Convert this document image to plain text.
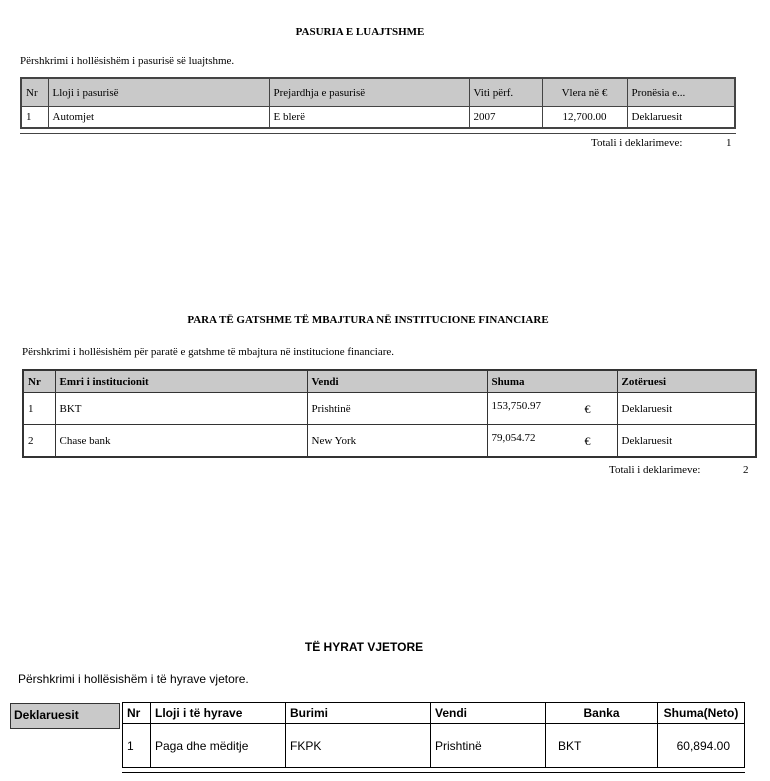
PASURIA E LUAJTSHME
Përshkrimi i hollësishëm i pasurisë së luajtshme.
Nr	Lloji i pasurisë	Prejardhja e pasurisë	Viti përf.	Vlera në €	Pronësia e...
1	Automjet	E blerë	2007	12,700.00	Deklaruesit
Totali i deklarimeve:	1
PARA TË GATSHME TË MBAJTURA NË INSTITUCIONE FINANCIARE
Përshkrimi i hollësishëm për paratë e gatshme të mbajtura në institucione financiare.
Nr	Emri i institucionit	Vendi	Shuma	Zotëruesi
1	BKT	Prishtinë	153,750.97 €	Deklaruesit
2	Chase bank	New York	79,054.72 €	Deklaruesit
Totali i deklarimeve:	2
TË HYRAT VJETORE
Përshkrimi i hollësishëm i të hyrave vjetore.
Deklaruesit	Nr	Lloji i të hyrave	Burimi	Vendi	Banka	Shuma(Neto)
1	Paga dhe mëditje	FKPK	Prishtinë	BKT	60,894.00
